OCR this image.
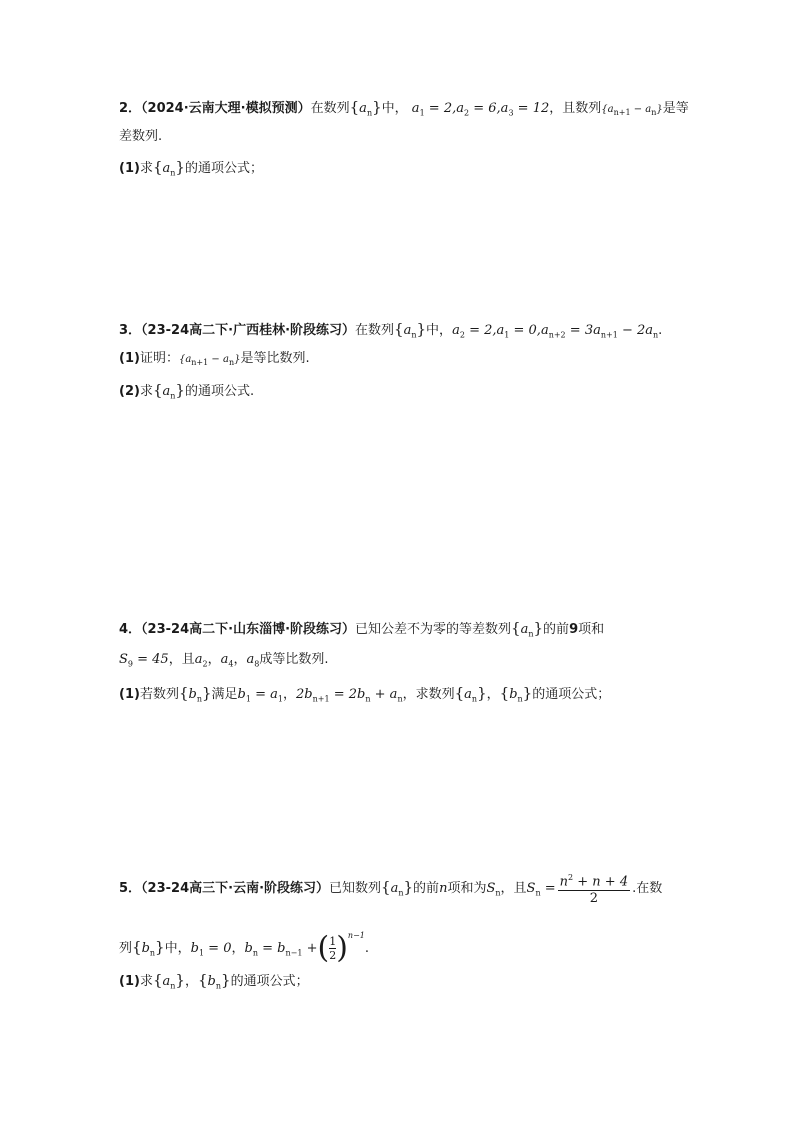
2．（2024·云南大理·模拟预测）在数列$\{a_n\}$中， $a_1 = 2,a_2 = 6,a_3 = 12$，且数列$\{a_{n+1} - a_n\}$是等
差数列.
(1)求$\{a_n\}$的通项公式；
3．（23-24高二下·广西桂林·阶段练习）在数列$\{a_n\}$中，$a_2 = 2,a_1 = 0,a_{n+2} = 3a_{n+1} - 2a_n$.
(1)证明：$\{a_{n+1} - a_n\}$是等比数列.
(2)求$\{a_n\}$的通项公式.
4．（23-24高二下·山东淄博·阶段练习）已知公差不为零的等差数列$\{a_n\}$的前9项和
$S_9 = 45$，且$a_2$，$a_4$，$a_8$成等比数列.
(1)若数列$\{b_n\}$满足$b_1 = a_1$，$2b_{n+1} = 2b_n + a_n$，求数列$\{a_n\}$，$\{b_n\}$的通项公式；
5．（23-24高三下·云南·阶段练习）已知数列$\{a_n\}$的前n项和为$S_n$，且$S_n = \frac{n^2 + n + 4}{2}$ .在数
列$\{b_n\}$中，$b_1 = 0$，$b_n = b_{n-1}$ +( $\frac{1}{2} )^{n-1}$.
(1)求$\{a_n\}$，$\{b_n\}$的通项公式；
